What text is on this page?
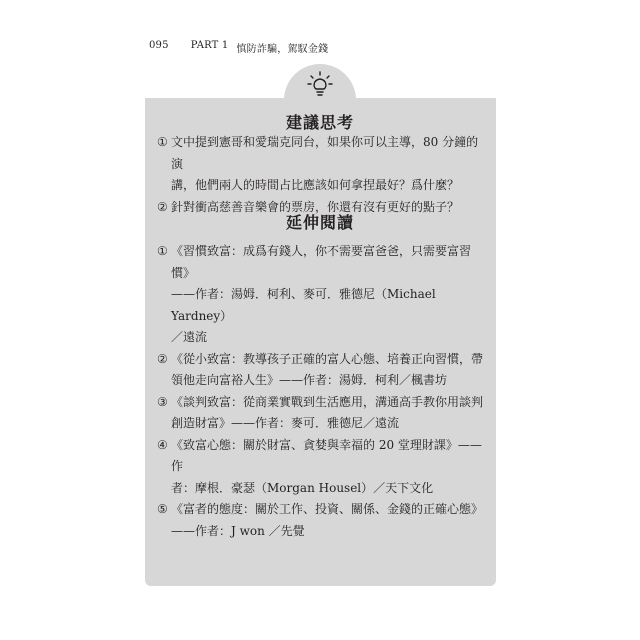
095 PART 1 慎防詐騙，駕馭金錢
建議思考
① 文中提到憲哥和愛瑞克同台，如果你可以主導，80 分鐘的演
講，他們兩人的時間占比應該如何拿捏最好？爲什麼？
② 針對衝高慈善音樂會的票房，你還有沒有更好的點子？
延伸閱讀
① 《習慣致富：成爲有錢人，你不需要富爸爸，只需要富習慣》
——作者：湯姆．柯利、麥可．雅德尼（Michael Yardney）
／遠流
② 《從小致富：教導孩子正確的富人心態、培養正向習慣，帶
領他走向富裕人生》——作者：湯姆．柯利／楓書坊
③ 《談判致富：從商業實戰到生活應用，溝通高手教你用談判
創造財富》——作者：麥可．雅德尼／遠流
④ 《致富心態：關於財富、貪婪與幸福的 20 堂理財課》——作
者：摩根．豪瑟（Morgan Housel）／天下文化
⑤ 《富者的態度：關於工作、投資、關係、金錢的正確心態》
——作者：J won ／先覺
